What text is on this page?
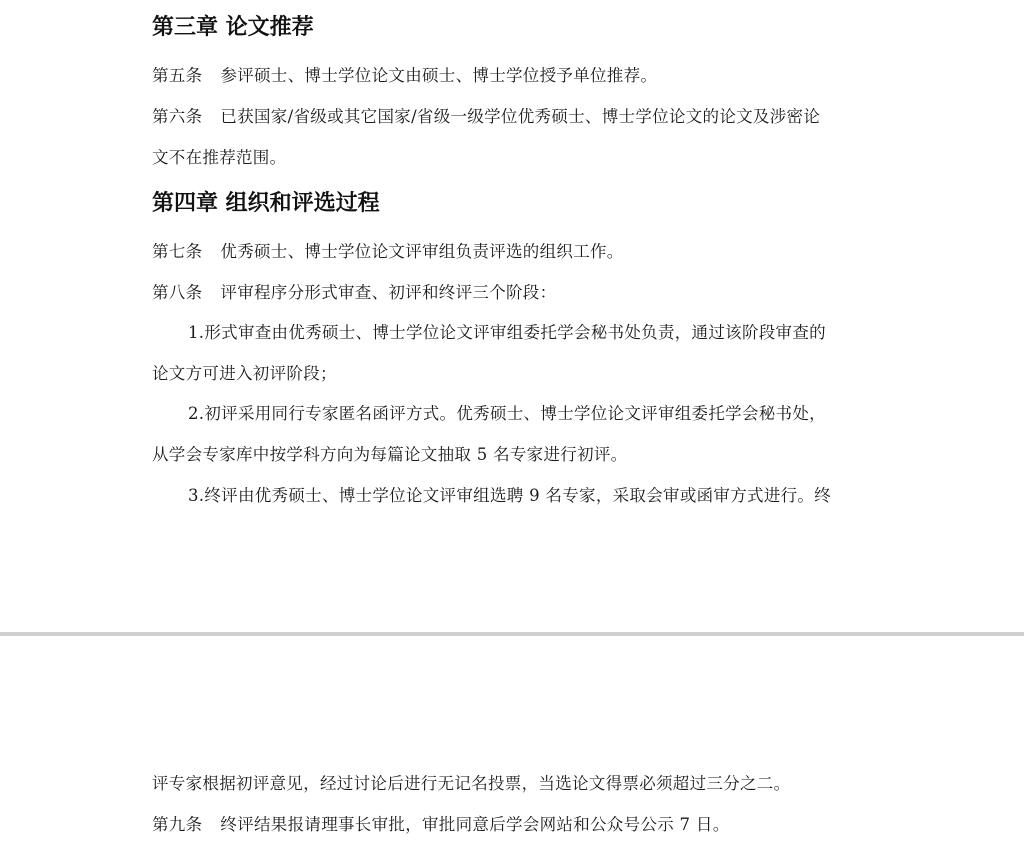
第三章 论文推荐
第五条 参评硕士、博士学位论文由硕士、博士学位授予单位推荐。
第六条 已获国家/省级或其它国家/省级一级学位优秀硕士、博士学位论文的论文及涉密论
文不在推荐范围。
第四章 组织和评选过程
第七条 优秀硕士、博士学位论文评审组负责评选的组织工作。
第八条 评审程序分形式审查、初评和终评三个阶段：
1.形式审查由优秀硕士、博士学位论文评审组委托学会秘书处负责，通过该阶段审查的
论文方可进入初评阶段；
2.初评采用同行专家匿名函评方式。优秀硕士、博士学位论文评审组委托学会秘书处，
从学会专家库中按学科方向为每篇论文抽取 5 名专家进行初评。
3.终评由优秀硕士、博士学位论文评审组选聘 9 名专家，采取会审或函审方式进行。终
评专家根据初评意见，经过讨论后进行无记名投票，当选论文得票必须超过三分之二。
第九条 终评结果报请理事长审批，审批同意后学会网站和公众号公示 7 日。
